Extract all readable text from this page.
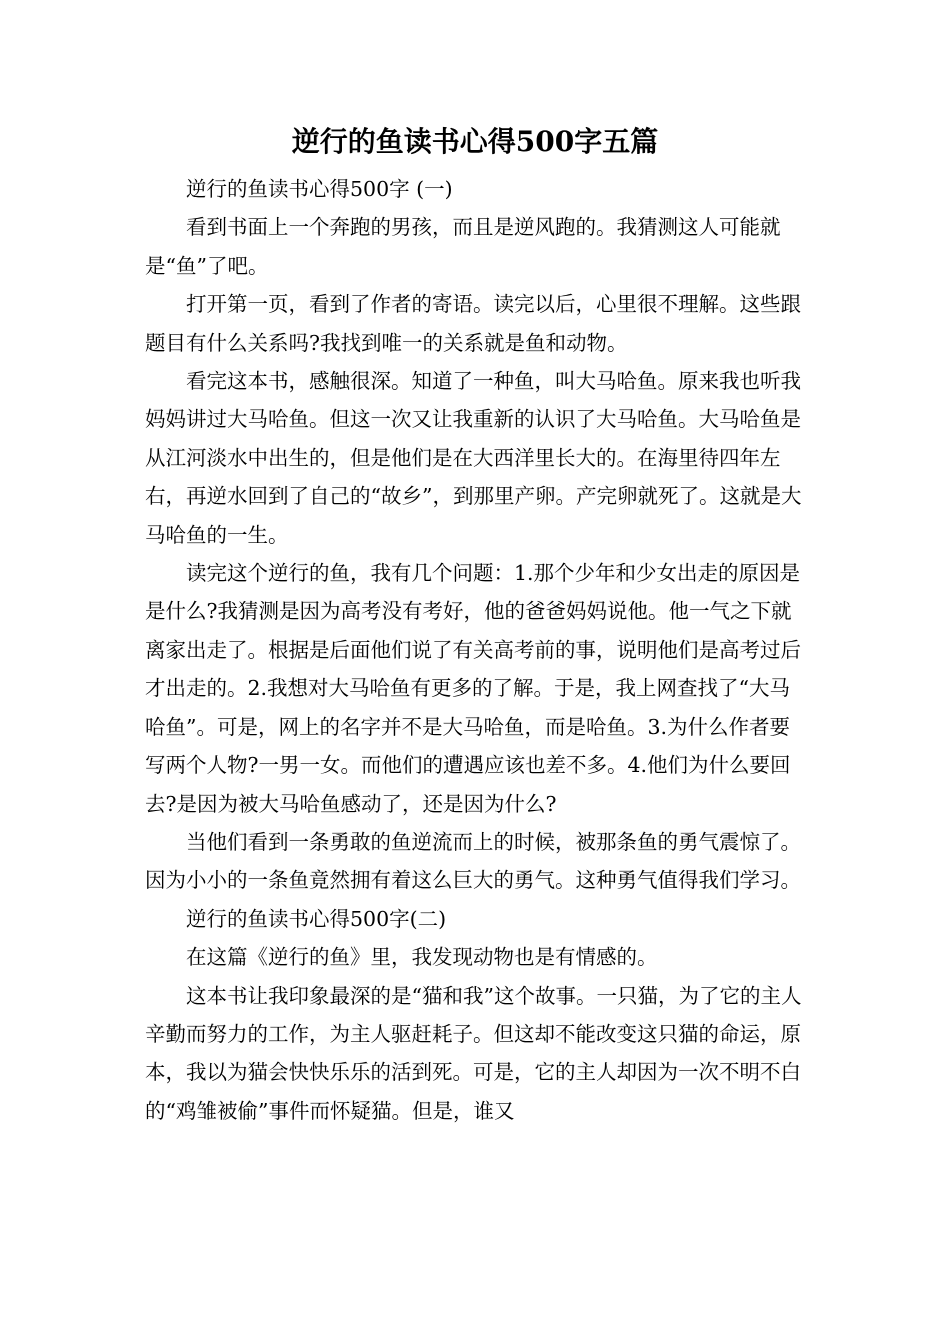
逆行的鱼读书心得500字五篇

逆行的鱼读书心得500字 (一)

看到书面上一个奔跑的男孩，而且是逆风跑的。我猜测这人可能就是“鱼”了吧。

打开第一页，看到了作者的寄语。读完以后，心里很不理解。这些跟题目有什么关系吗?我找到唯一的关系就是鱼和动物。

看完这本书，感触很深。知道了一种鱼，叫大马哈鱼。原来我也听我妈妈讲过大马哈鱼。但这一次又让我重新的认识了大马哈鱼。大马哈鱼是从江河淡水中出生的，但是他们是在大西洋里长大的。在海里待四年左右，再逆水回到了自己的“故乡”，到那里产卵。产完卵就死了。这就是大马哈鱼的一生。

读完这个逆行的鱼，我有几个问题：1.那个少年和少女出走的原因是是什么?我猜测是因为高考没有考好，他的爸爸妈妈说他。他一气之下就离家出走了。根据是后面他们说了有关高考前的事，说明他们是高考过后才出走的。2.我想对大马哈鱼有更多的了解。于是，我上网查找了“大马哈鱼”。可是，网上的名字并不是大马哈鱼，而是哈鱼。3.为什么作者要写两个人物?一男一女。而他们的遭遇应该也差不多。4.他们为什么要回去?是因为被大马哈鱼感动了，还是因为什么?

当他们看到一条勇敢的鱼逆流而上的时候，被那条鱼的勇气震惊了。因为小小的一条鱼竟然拥有着这么巨大的勇气。这种勇气值得我们学习。

逆行的鱼读书心得500字(二)

在这篇《逆行的鱼》里，我发现动物也是有情感的。

这本书让我印象最深的是“猫和我”这个故事。一只猫，为了它的主人辛勤而努力的工作，为主人驱赶耗子。但这却不能改变这只猫的命运，原本，我以为猫会快快乐乐的活到死。可是，它的主人却因为一次不明不白的“鸡雏被偷”事件而怀疑猫。但是，谁又
